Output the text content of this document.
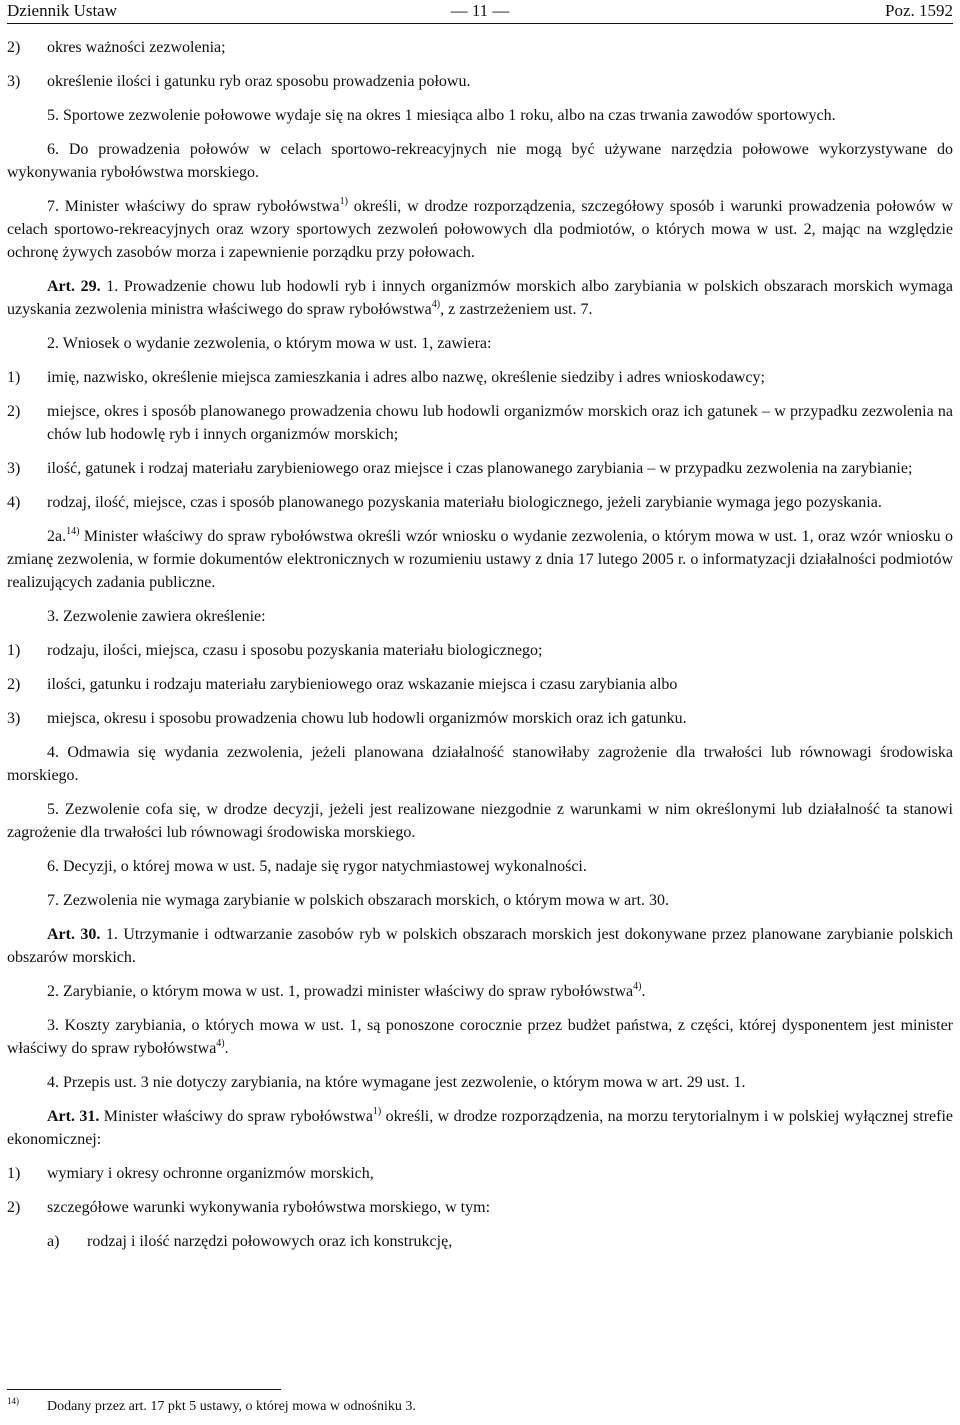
Dziennik Ustaw	— 11 —	Poz. 1592
2) okres ważności zezwolenia;
3) określenie ilości i gatunku ryb oraz sposobu prowadzenia połowu.

5. Sportowe zezwolenie połowowe wydaje się na okres 1 miesiąca albo 1 roku, albo na czas trwania zawodów sportowych.

6. Do prowadzenia połowów w celach sportowo-rekreacyjnych nie mogą być używane narzędzia połowowe wykorzystywane do wykonywania rybołówstwa morskiego.

7. Minister właściwy do spraw rybołówstwa$^{1)}$ określi, w drodze rozporządzenia, szczegółowy sposób i warunki prowadzenia połowów w celach sportowo-rekreacyjnych oraz wzory sportowych zezwoleń połowowych dla podmiotów, o których mowa w ust. 2, mając na względzie ochronę żywych zasobów morza i zapewnienie porządku przy połowach.

Art. 29. 1. Prowadzenie chowu lub hodowli ryb i innych organizmów morskich albo zarybiania w polskich obszarach morskich wymaga uzyskania zezwolenia ministra właściwego do spraw rybołówstwa$^{4)}$, z zastrzeżeniem ust. 7.

2. Wniosek o wydanie zezwolenia, o którym mowa w ust. 1, zawiera:

1) imię, nazwisko, określenie miejsca zamieszkania i adres albo nazwę, określenie siedziby i adres wnioskodawcy;
2) miejsce, okres i sposób planowanego prowadzenia chowu lub hodowli organizmów morskich oraz ich gatunek – w przypadku zezwolenia na chów lub hodowlę ryb i innych organizmów morskich;
3) ilość, gatunek i rodzaj materiału zarybieniowego oraz miejsce i czas planowanego zarybiania – w przypadku zezwolenia na zarybianie;
4) rodzaj, ilość, miejsce, czas i sposób planowanego pozyskania materiału biologicznego, jeżeli zarybianie wymaga jego pozyskania.

2a.$^{14)}$ Minister właściwy do spraw rybołówstwa określi wzór wniosku o wydanie zezwolenia, o którym mowa w ust. 1, oraz wzór wniosku o zmianę zezwolenia, w formie dokumentów elektronicznych w rozumieniu ustawy z dnia 17 lutego 2005 r. o informatyzacji działalności podmiotów realizujących zadania publiczne.

3. Zezwolenie zawiera określenie:

1) rodzaju, ilości, miejsca, czasu i sposobu pozyskania materiału biologicznego;
2) ilości, gatunku i rodzaju materiału zarybieniowego oraz wskazanie miejsca i czasu zarybiania albo
3) miejsca, okresu i sposobu prowadzenia chowu lub hodowli organizmów morskich oraz ich gatunku.

4. Odmawia się wydania zezwolenia, jeżeli planowana działalność stanowiłaby zagrożenie dla trwałości lub równowagi środowiska morskiego.

5. Zezwolenie cofa się, w drodze decyzji, jeżeli jest realizowane niezgodnie z warunkami w nim określonymi lub działalność ta stanowi zagrożenie dla trwałości lub równowagi środowiska morskiego.

6. Decyzji, o której mowa w ust. 5, nadaje się rygor natychmiastowej wykonalności.

7. Zezwolenia nie wymaga zarybianie w polskich obszarach morskich, o którym mowa w art. 30.

Art. 30. 1. Utrzymanie i odtwarzanie zasobów ryb w polskich obszarach morskich jest dokonywane przez planowane zarybianie polskich obszarów morskich.

2. Zarybianie, o którym mowa w ust. 1, prowadzi minister właściwy do spraw rybołówstwa$^{4)}$.

3. Koszty zarybiania, o których mowa w ust. 1, są ponoszone corocznie przez budżet państwa, z części, której dysponentem jest minister właściwy do spraw rybołówstwa$^{4)}$.

4. Przepis ust. 3 nie dotyczy zarybiania, na które wymagane jest zezwolenie, o którym mowa w art. 29 ust. 1.

Art. 31. Minister właściwy do spraw rybołówstwa$^{1)}$ określi, w drodze rozporządzenia, na morzu terytorialnym i w polskiej wyłącznej strefie ekonomicznej:

1) wymiary i okresy ochronne organizmów morskich,
2) szczegółowe warunki wykonywania rybołówstwa morskiego, w tym:
a) rodzaj i ilość narzędzi połowowych oraz ich konstrukcję,
$^{14)}$ Dodany przez art. 17 pkt 5 ustawy, o której mowa w odnośniku 3.
